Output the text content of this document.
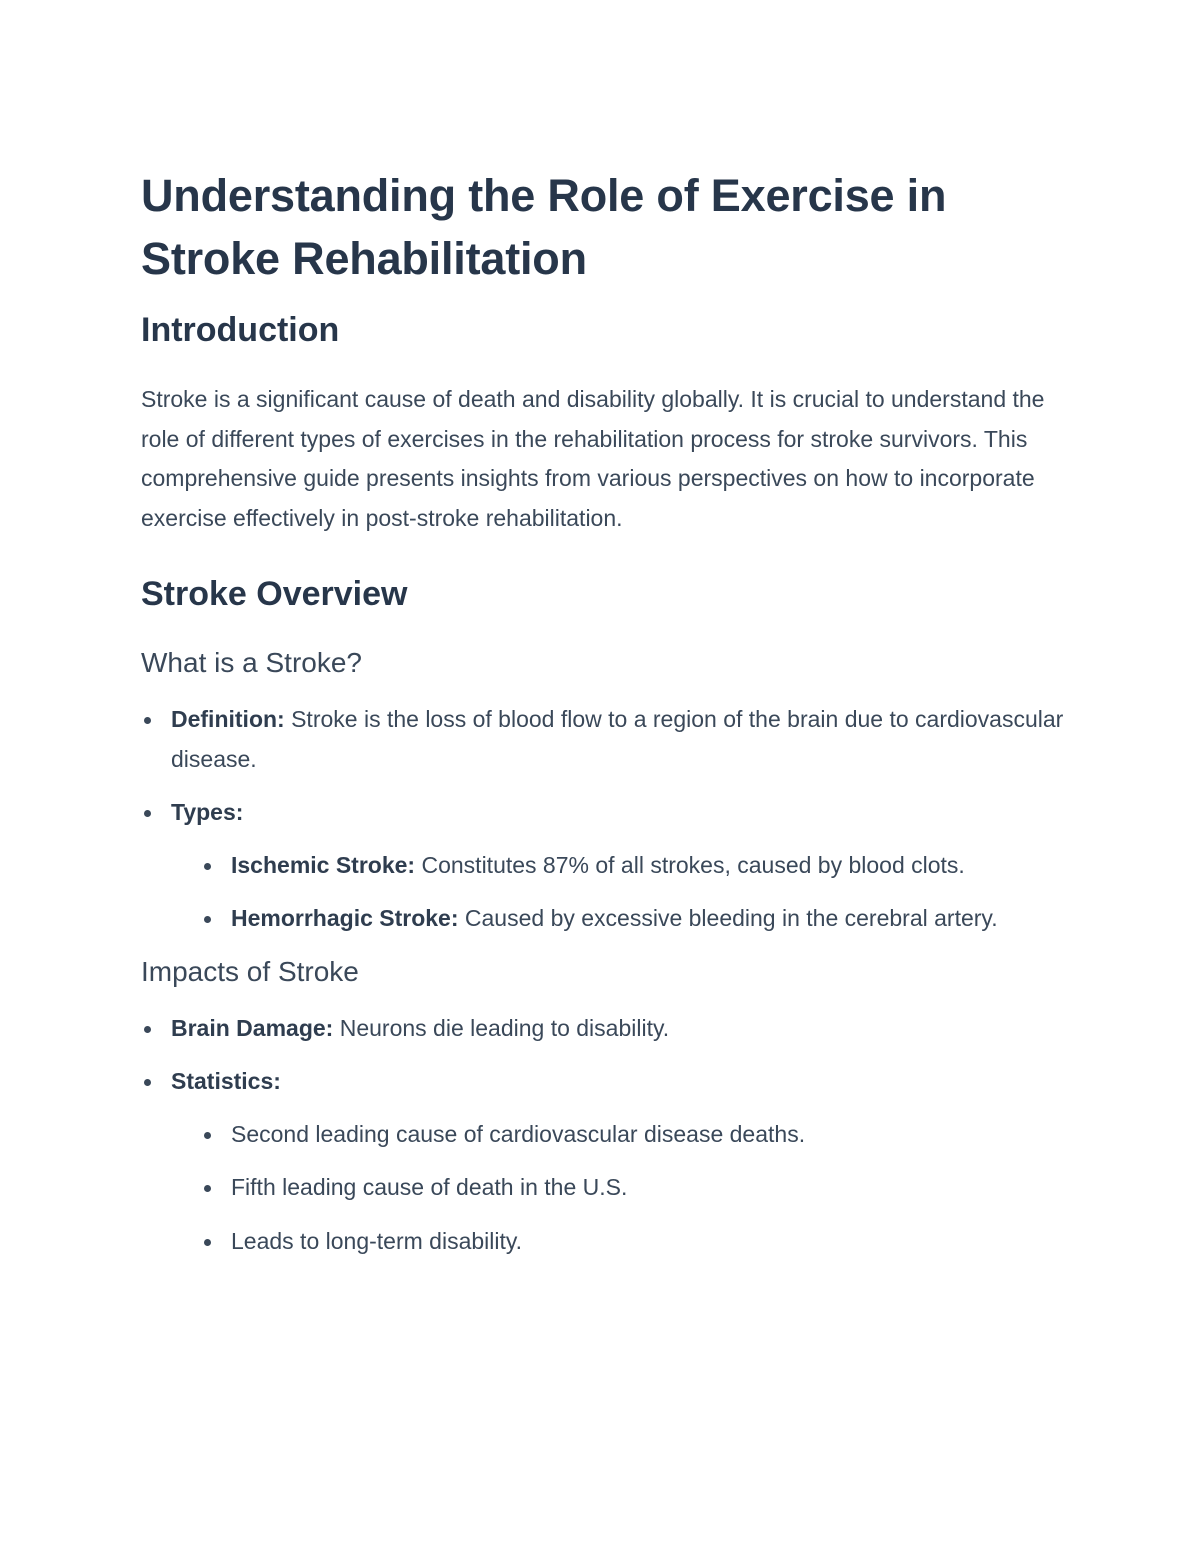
Understanding the Role of Exercise in Stroke Rehabilitation
Introduction

Stroke is a significant cause of death and disability globally. It is crucial to understand the role of different types of exercises in the rehabilitation process for stroke survivors. This comprehensive guide presents insights from various perspectives on how to incorporate exercise effectively in post-stroke rehabilitation.

Stroke Overview
What is a Stroke?
Definition: Stroke is the loss of blood flow to a region of the brain due to cardiovascular disease.
Types:
Ischemic Stroke: Constitutes 87% of all strokes, caused by blood clots.
Hemorrhagic Stroke: Caused by excessive bleeding in the cerebral artery.
Impacts of Stroke
Brain Damage: Neurons die leading to disability.
Statistics:
Second leading cause of cardiovascular disease deaths.
Fifth leading cause of death in the U.S.
Leads to long-term disability.
